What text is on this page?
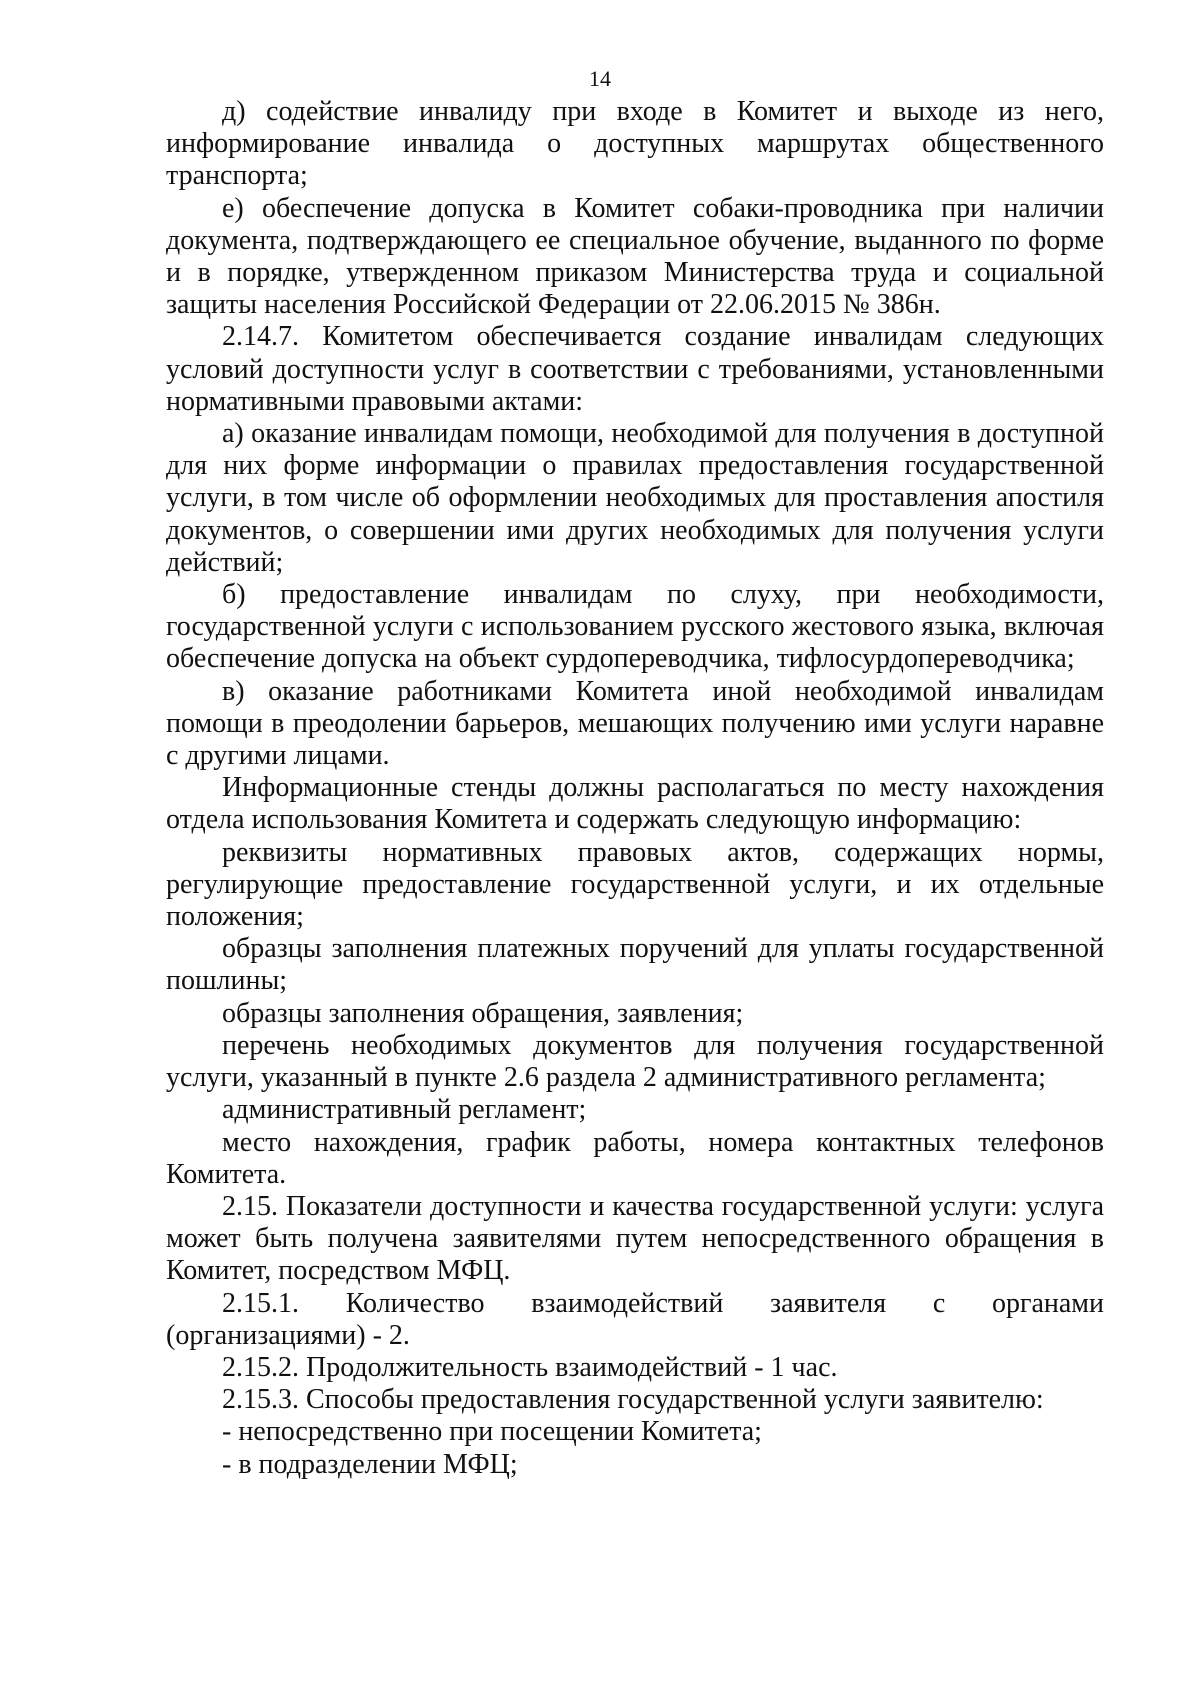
14

д) содействие инвалиду при входе в Комитет и выходе из него, информирование инвалида о доступных маршрутах общественного транспорта;

е) обеспечение допуска в Комитет собаки-проводника при наличии документа, подтверждающего ее специальное обучение, выданного по форме и в порядке, утвержденном приказом Министерства труда и социальной защиты населения Российской Федерации от 22.06.2015 № 386н.

2.14.7. Комитетом обеспечивается создание инвалидам следующих условий доступности услуг в соответствии с требованиями, установленными нормативными правовыми актами:

а) оказание инвалидам помощи, необходимой для получения в доступной для них форме информации о правилах предоставления государственной услуги, в том числе об оформлении необходимых для проставления апостиля документов, о совершении ими других необходимых для получения услуги действий;

б) предоставление инвалидам по слуху, при необходимости, государственной услуги с использованием русского жестового языка, включая обеспечение допуска на объект сурдопереводчика, тифлосурдопереводчика;

в) оказание работниками Комитета иной необходимой инвалидам помощи в преодолении барьеров, мешающих получению ими услуги наравне с другими лицами.

Информационные стенды должны располагаться по месту нахождения отдела использования Комитета и содержать следующую информацию:

реквизиты нормативных правовых актов, содержащих нормы, регулирующие предоставление государственной услуги, и их отдельные положения;

образцы заполнения платежных поручений для уплаты государственной пошлины;

образцы заполнения обращения, заявления;

перечень необходимых документов для получения государственной услуги, указанный в пункте 2.6 раздела 2 административного регламента;

административный регламент;

место нахождения, график работы, номера контактных телефонов Комитета.

2.15. Показатели доступности и качества государственной услуги: услуга может быть получена заявителями путем непосредственного обращения в Комитет, посредством МФЦ.

2.15.1. Количество взаимодействий заявителя с органами (организациями) - 2.

2.15.2. Продолжительность взаимодействий - 1 час.

2.15.3. Способы предоставления государственной услуги заявителю:

- непосредственно при посещении Комитета;

- в подразделении МФЦ;
